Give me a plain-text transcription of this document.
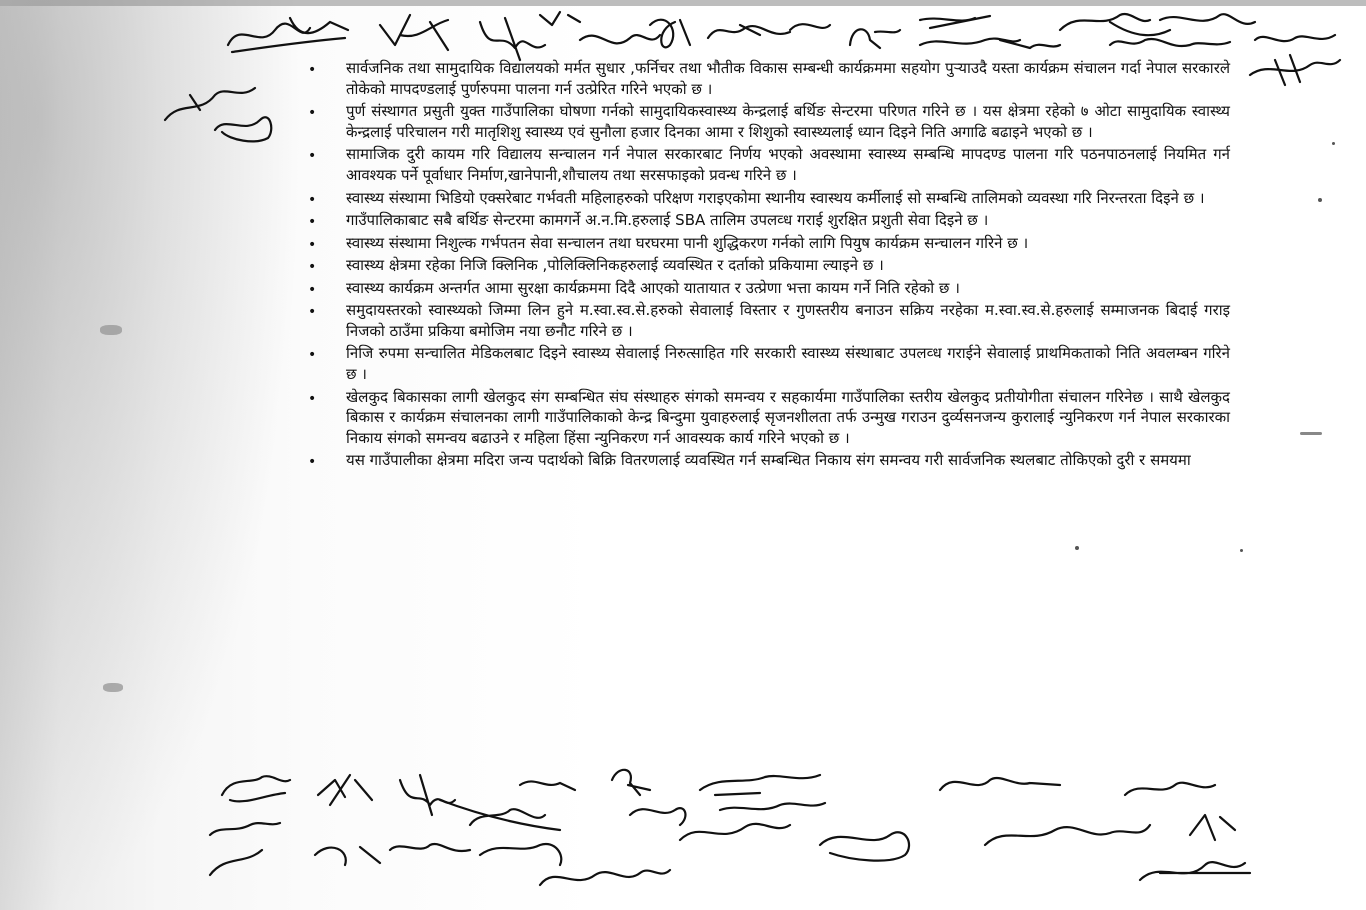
• सार्वजनिक तथा सामुदायिक विद्यालयको मर्मत सुधार ,फर्निचर तथा भौतीक विकास सम्बन्धी कार्यक्रममा सहयोग पुऱ्याउदै यस्ता कार्यक्रम संचालन गर्दा नेपाल सरकारले तोकेको मापदण्डलाई पुर्णरुपमा पालना गर्न उत्प्रेरित गरिने भएको छ ।
• पुर्ण संस्थागत प्रसुती युक्त गाउँपालिका घोषणा गर्नको सामुदायिकस्वास्थ्य केन्द्रलाई बर्थिङ सेन्टरमा परिणत गरिने छ । यस क्षेत्रमा रहेको ७ ओटा सामुदायिक स्वास्थ्य केन्द्रलाई परिचालन गरी मातृशिशु स्वास्थ्य एवं सुनौला हजार दिनका आमा र शिशुको स्वास्थ्यलाई ध्यान दिइने निति अगाढि बढाइने भएको छ ।
• सामाजिक दुरी कायम गरि विद्यालय सन्चालन गर्न नेपाल सरकारबाट निर्णय भएको अवस्थामा स्वास्थ्य सम्बन्धि मापदण्ड पालना गरि पठनपाठनलाई नियमित गर्न आवश्यक पर्ने पूर्वाधार निर्माण,खानेपानी,शौचालय तथा सरसफाइको प्रवन्ध गरिने छ ।
• स्वास्थ्य संस्थामा भिडियो एक्सरेबाट गर्भवती महिलाहरुको परिक्षण गराइएकोमा स्थानीय स्वास्थय कर्मीलाई सो सम्बन्धि तालिमको व्यवस्था गरि निरन्तरता दिइने छ ।
• गाउँपालिकाबाट सबै बर्थिङ सेन्टरमा कामगर्ने अ.न.मि.हरुलाई SBA तालिम उपलव्ध गराई शुरक्षित प्रशुती सेवा दिइने छ ।
• स्वास्थ्य संस्थामा निशुल्क गर्भपतन सेवा सन्चालन तथा घरघरमा पानी शुद्धिकरण गर्नको लागि पियुष कार्यक्रम सन्चालन गरिने छ ।
• स्वास्थ्य क्षेत्रमा रहेका निजि क्लिनिक ,पोलिक्लिनिकहरुलाई व्यवस्थित र दर्ताको प्रकियामा ल्याइने छ ।
• स्वास्थ्य कार्यक्रम अन्तर्गत आमा सुरक्षा कार्यक्रममा दिदै आएको यातायात र उत्प्रेणा भत्ता कायम गर्ने निति रहेको छ ।
• समुदायस्तरको स्वास्थ्यको जिम्मा लिन हुने म.स्वा.स्व.से.हरुको सेवालाई विस्तार र गुणस्तरीय बनाउन सक्रिय नरहेका म.स्वा.स्व.से.हरुलाई सम्माजनक बिदाई गराइ निजको ठाउँमा प्रकिया बमोजिम नया छनौट गरिने छ ।
• निजि रुपमा सन्चालित मेडिकलबाट दिइने स्वास्थ्य सेवालाई निरुत्साहित गरि सरकारी स्वास्थ्य संस्थाबाट उपलव्ध गराईने सेवालाई प्राथमिकताको निति अवलम्बन गरिने छ ।
• खेलकुद बिकासका लागी खेलकुद संग सम्बन्धित संघ संस्थाहरु संगको समन्वय र सहकार्यमा गाउँपालिका स्तरीय खेलकुद प्रतीयोगीता संचालन गरिनेछ । साथै खेलकुद बिकास र कार्यक्रम संचालनका लागी गाउँपालिकाको केन्द्र बिन्दुमा युवाहरुलाई सृजनशीलता तर्फ उन्मुख गराउन दुर्व्यसनजन्य कुरालाई न्युनिकरण गर्न नेपाल सरकारका निकाय संगको समन्वय बढाउने र महिला हिंसा न्युनिकरण गर्न आवस्यक कार्य गरिने भएको छ ।
• यस गाउँपालीका क्षेत्रमा मदिरा जन्य पदार्थको बिक्रि वितरणलाई व्यवस्थित गर्न सम्बन्धित निकाय संग समन्वय गरी सार्वजनिक स्थलबाट तोकिएको दुरी र समयमा
